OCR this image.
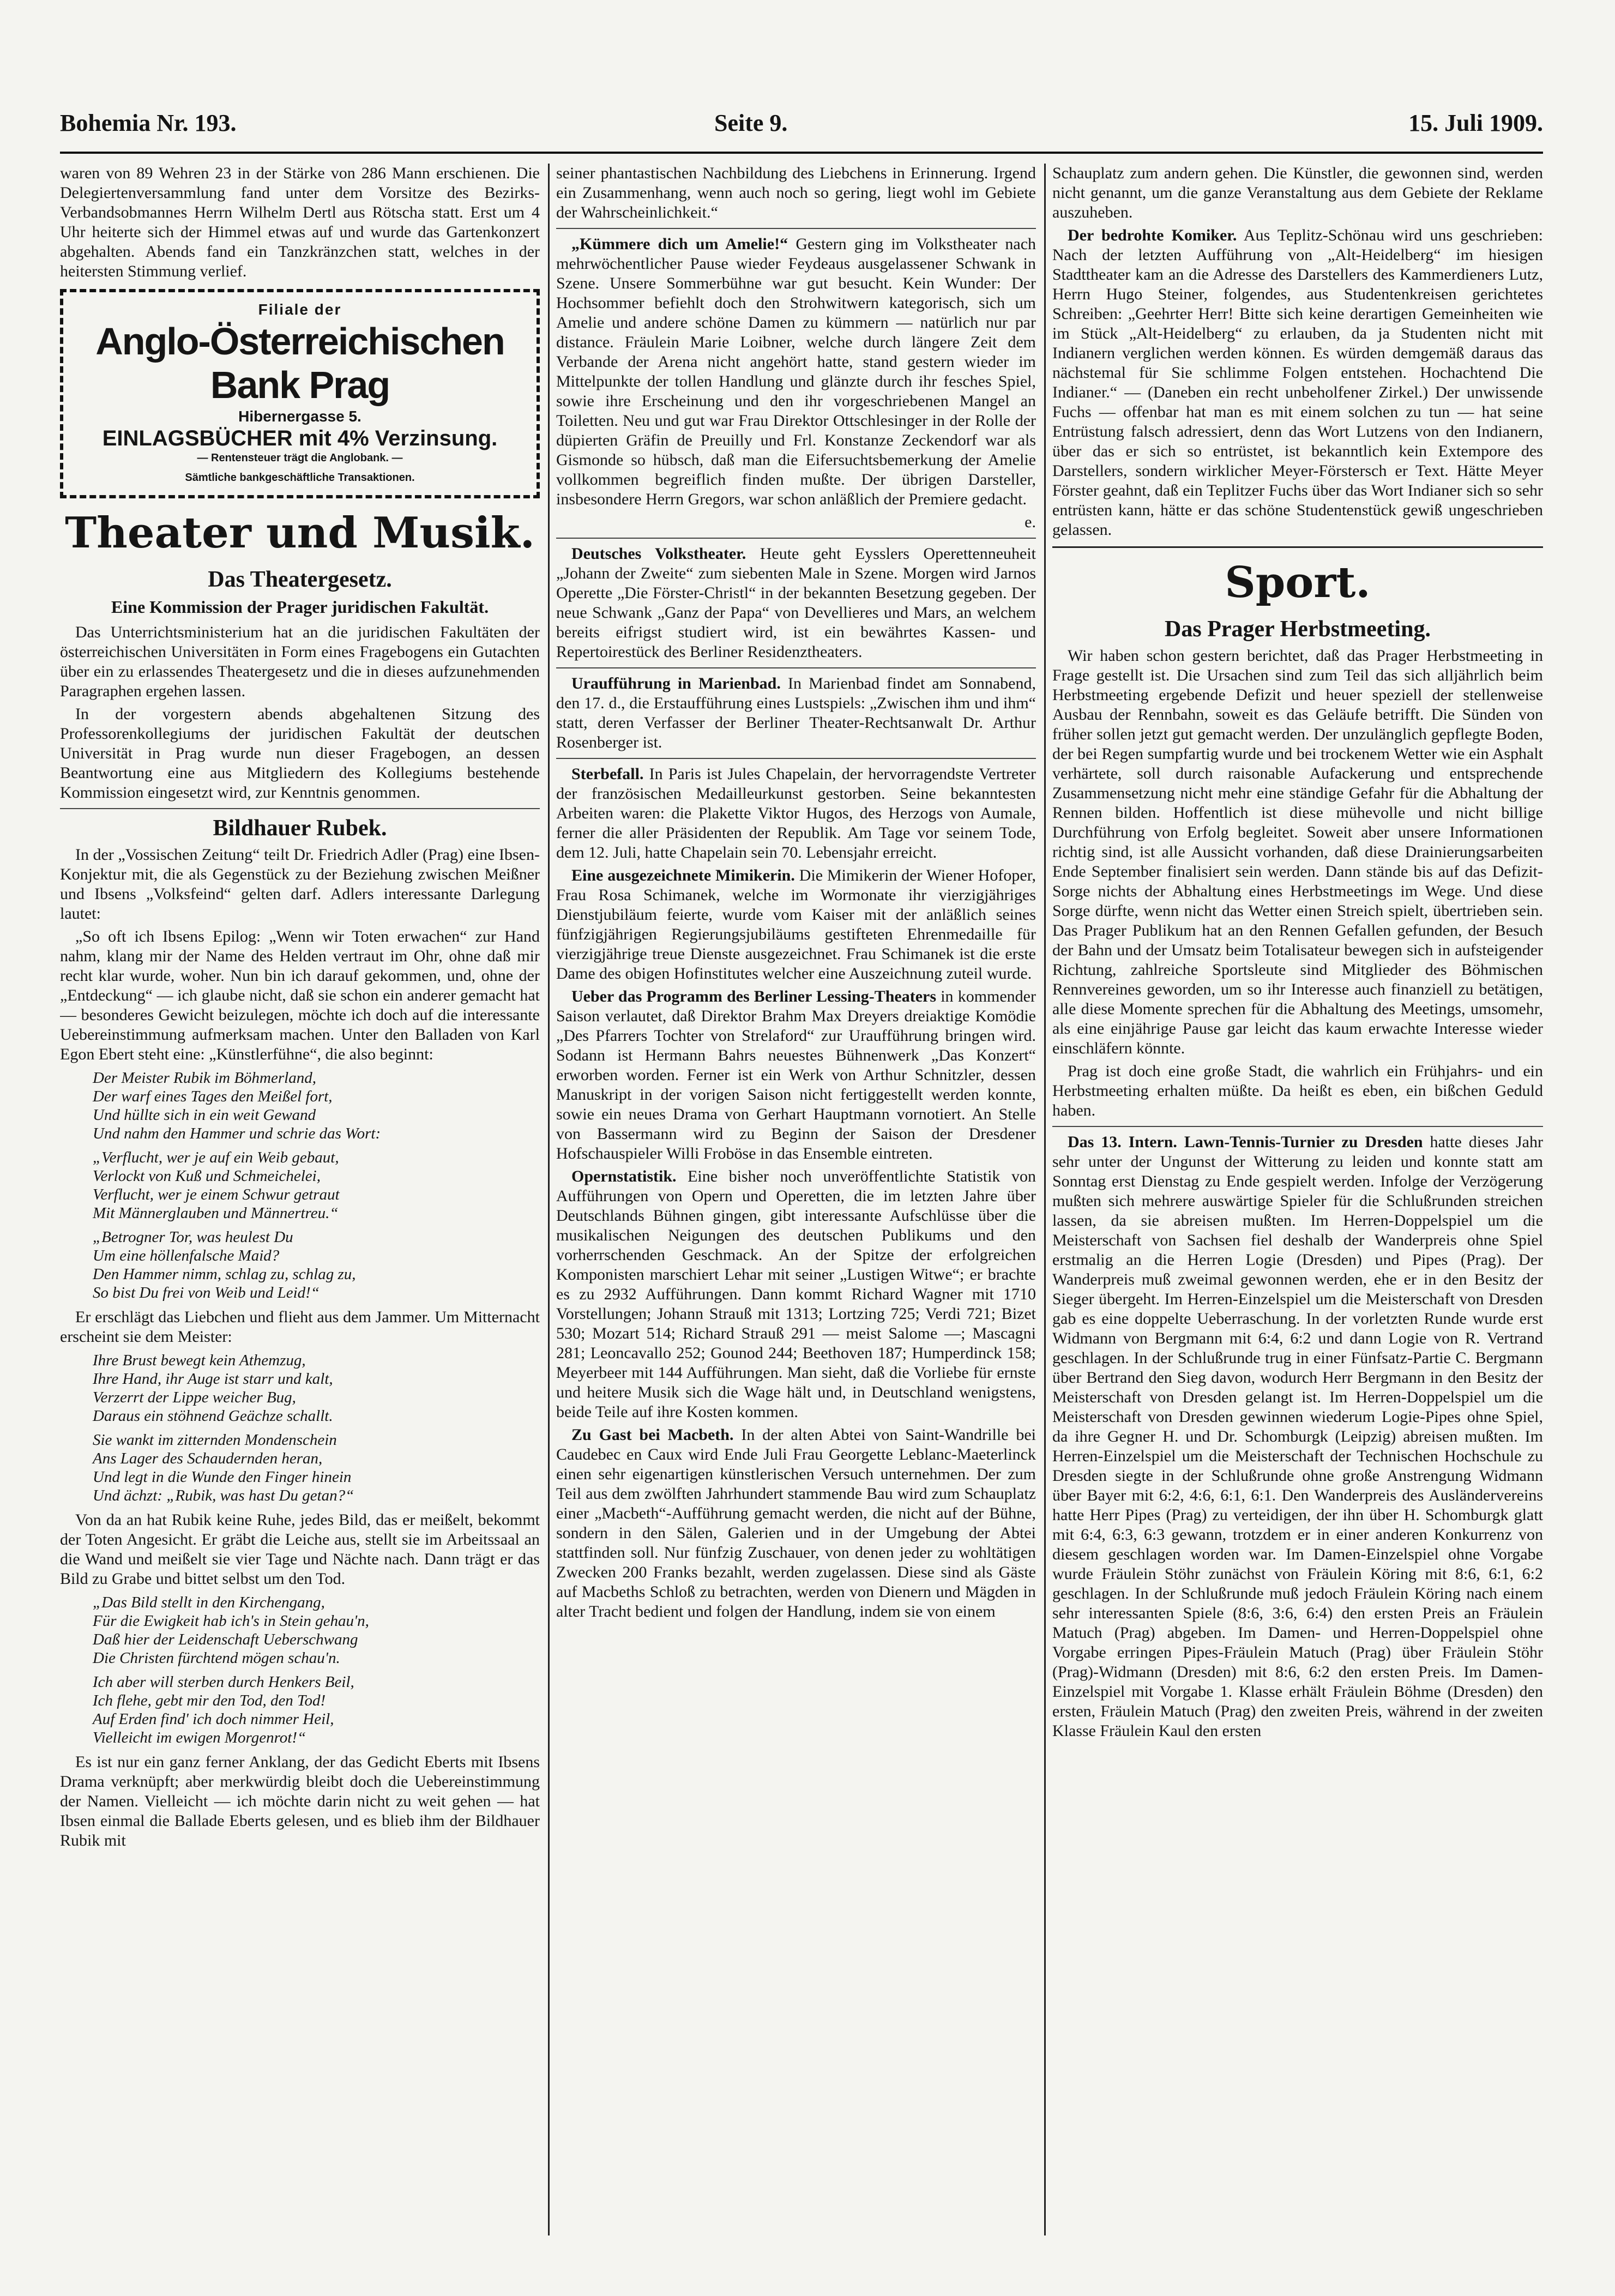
Bohemia Nr. 193.	Seite 9.	15. Juli 1909.

waren von 89 Wehren 23 in der Stärke von 286 Mann erschienen. Die Delegiertenversammlung fand unter dem Vorsitze des Bezirks-Verbandsobmannes Herrn Wilhelm Dertl aus Rötscha statt. Erst um 4 Uhr heiterte sich der Himmel etwas auf und wurde das Gartenkonzert abgehalten. Abends fand ein Tanzkränzchen statt, welches in der heitersten Stimmung verlief.

Filiale der
Anglo-Österreichischen Bank Prag
Hibernergasse 5.
EINLAGSBÜCHER mit 4% Verzinsung.
— Rentensteuer trägt die Anglobank. —
Sämtliche bankgeschäftliche Transaktionen.
Theater und Musik.
Das Theatergesetz.
Eine Kommission der Prager juridischen Fakultät.

Das Unterrichtsministerium hat an die juridischen Fakultäten der österreichischen Universitäten in Form eines Fragebogens ein Gutachten über ein zu erlassendes Theatergesetz und die in dieses aufzunehmenden Paragraphen ergehen lassen.

In der vorgestern abends abgehaltenen Sitzung des Professorenkollegiums der juridischen Fakultät der deutschen Universität in Prag wurde nun dieser Fragebogen, an dessen Beantwortung eine aus Mitgliedern des Kollegiums bestehende Kommission eingesetzt wird, zur Kenntnis genommen.

Bildhauer Rubek.

In der „Vossischen Zeitung“ teilt Dr. Friedrich Adler (Prag) eine Ibsen-Konjektur mit, die als Gegenstück zu der Beziehung zwischen Meißner und Ibsens „Volksfeind“ gelten darf. Adlers interessante Darlegung lautet:

„So oft ich Ibsens Epilog: „Wenn wir Toten erwachen“ zur Hand nahm, klang mir der Name des Helden vertraut im Ohr, ohne daß mir recht klar wurde, woher. Nun bin ich darauf gekommen, und, ohne der „Entdeckung“ — ich glaube nicht, daß sie schon ein anderer gemacht hat — besonderes Gewicht beizulegen, möchte ich doch auf die interessante Uebereinstimmung aufmerksam machen. Unter den Balladen von Karl Egon Ebert steht eine: „Künstlerfühne“, die also beginnt:

Der Meister Rubik im Böhmerland,
Der warf eines Tages den Meißel fort,
Und hüllte sich in ein weit Gewand
Und nahm den Hammer und schrie das Wort:
„Verflucht, wer je auf ein Weib gebaut,
Verlockt von Kuß und Schmeichelei,
Verflucht, wer je einem Schwur getraut
Mit Männerglauben und Männertreu.“
„Betrogner Tor, was heulest Du
Um eine höllenfalsche Maid?
Den Hammer nimm, schlag zu, schlag zu,
So bist Du frei von Weib und Leid!“

Er erschlägt das Liebchen und flieht aus dem Jammer. Um Mitternacht erscheint sie dem Meister:

Ihre Brust bewegt kein Athemzug,
Ihre Hand, ihr Auge ist starr und kalt,
Verzerrt der Lippe weicher Bug,
Daraus ein stöhnend Geächze schallt.
Sie wankt im zitternden Mondenschein
Ans Lager des Schaudernden heran,
Und legt in die Wunde den Finger hinein
Und ächzt: „Rubik, was hast Du getan?“

Von da an hat Rubik keine Ruhe, jedes Bild, das er meißelt, bekommt der Toten Angesicht. Er gräbt die Leiche aus, stellt sie im Arbeitssaal an die Wand und meißelt sie vier Tage und Nächte nach. Dann trägt er das Bild zu Grabe und bittet selbst um den Tod.

„Das Bild stellt in den Kirchengang,
Für die Ewigkeit hab ich's in Stein gehau'n,
Daß hier der Leidenschaft Ueberschwang
Die Christen fürchtend mögen schau'n.
Ich aber will sterben durch Henkers Beil,
Ich flehe, gebt mir den Tod, den Tod!
Auf Erden find' ich doch nimmer Heil,
Vielleicht im ewigen Morgenrot!“

Es ist nur ein ganz ferner Anklang, der das Gedicht Eberts mit Ibsens Drama verknüpft; aber merkwürdig bleibt doch die Uebereinstimmung der Namen. Vielleicht — ich möchte darin nicht zu weit gehen — hat Ibsen einmal die Ballade Eberts gelesen, und es blieb ihm der Bildhauer Rubik mit

seiner phantastischen Nachbildung des Liebchens in Erinnerung. Irgend ein Zusammenhang, wenn auch noch so gering, liegt wohl im Gebiete der Wahrscheinlichkeit.“

„Kümmere dich um Amelie!“ Gestern ging im Volkstheater nach mehrwöchentlicher Pause wieder Feydeaus ausgelassener Schwank in Szene. Unsere Sommerbühne war gut besucht. Kein Wunder: Der Hochsommer befiehlt doch den Strohwitwern kategorisch, sich um Amelie und andere schöne Damen zu kümmern — natürlich nur par distance. Fräulein Marie Loibner, welche durch längere Zeit dem Verbande der Arena nicht angehört hatte, stand gestern wieder im Mittelpunkte der tollen Handlung und glänzte durch ihr fesches Spiel, sowie ihre Erscheinung und den ihr vorgeschriebenen Mangel an Toiletten. Neu und gut war Frau Direktor Ottschlesinger in der Rolle der düpierten Gräfin de Preuilly und Frl. Konstanze Zeckendorf war als Gismonde so hübsch, daß man die Eifersuchtsbemerkung der Amelie vollkommen begreiflich finden mußte. Der übrigen Darsteller, insbesondere Herrn Gregors, war schon anläßlich der Premiere gedacht.

e.

Deutsches Volkstheater. Heute geht Eysslers Operettenneuheit „Johann der Zweite“ zum siebenten Male in Szene. Morgen wird Jarnos Operette „Die Förster-Christl“ in der bekannten Besetzung gegeben. Der neue Schwank „Ganz der Papa“ von Devellieres und Mars, an welchem bereits eifrigst studiert wird, ist ein bewährtes Kassen- und Repertoirestück des Berliner Residenztheaters.

Uraufführung in Marienbad. In Marienbad findet am Sonnabend, den 17. d., die Erstaufführung eines Lustspiels: „Zwischen ihm und ihm“ statt, deren Verfasser der Berliner Theater-Rechtsanwalt Dr. Arthur Rosenberger ist.

Sterbefall. In Paris ist Jules Chapelain, der hervorragendste Vertreter der französischen Medailleurkunst gestorben. Seine bekanntesten Arbeiten waren: die Plakette Viktor Hugos, des Herzogs von Aumale, ferner die aller Präsidenten der Republik. Am Tage vor seinem Tode, dem 12. Juli, hatte Chapelain sein 70. Lebensjahr erreicht.

Eine ausgezeichnete Mimikerin. Die Mimikerin der Wiener Hofoper, Frau Rosa Schimanek, welche im Wormonate ihr vierzigjähriges Dienstjubiläum feierte, wurde vom Kaiser mit der anläßlich seines fünfzigjährigen Regierungsjubiläums gestifteten Ehrenmedaille für vierzigjährige treue Dienste ausgezeichnet. Frau Schimanek ist die erste Dame des obigen Hofinstitutes welcher eine Auszeichnung zuteil wurde.

Ueber das Programm des Berliner Lessing-Theaters in kommender Saison verlautet, daß Direktor Brahm Max Dreyers dreiaktige Komödie „Des Pfarrers Tochter von Strelaford“ zur Uraufführung bringen wird. Sodann ist Hermann Bahrs neuestes Bühnenwerk „Das Konzert“ erworben worden. Ferner ist ein Werk von Arthur Schnitzler, dessen Manuskript in der vorigen Saison nicht fertiggestellt werden konnte, sowie ein neues Drama von Gerhart Hauptmann vornotiert. An Stelle von Bassermann wird zu Beginn der Saison der Dresdener Hofschauspieler Willi Froböse in das Ensemble eintreten.

Opernstatistik. Eine bisher noch unveröffentlichte Statistik von Aufführungen von Opern und Operetten, die im letzten Jahre über Deutschlands Bühnen gingen, gibt interessante Aufschlüsse über die musikalischen Neigungen des deutschen Publikums und den vorherrschenden Geschmack. An der Spitze der erfolgreichen Komponisten marschiert Lehar mit seiner „Lustigen Witwe“; er brachte es zu 2932 Aufführungen. Dann kommt Richard Wagner mit 1710 Vorstellungen; Johann Strauß mit 1313; Lortzing 725; Verdi 721; Bizet 530; Mozart 514; Richard Strauß 291 — meist Salome —; Mascagni 281; Leoncavallo 252; Gounod 244; Beethoven 187; Humperdinck 158; Meyerbeer mit 144 Aufführungen. Man sieht, daß die Vorliebe für ernste und heitere Musik sich die Wage hält und, in Deutschland wenigstens, beide Teile auf ihre Kosten kommen.

Zu Gast bei Macbeth. In der alten Abtei von Saint-Wandrille bei Caudebec en Caux wird Ende Juli Frau Georgette Leblanc-Maeterlinck einen sehr eigenartigen künstlerischen Versuch unternehmen. Der zum Teil aus dem zwölften Jahrhundert stammende Bau wird zum Schauplatz einer „Macbeth“-Aufführung gemacht werden, die nicht auf der Bühne, sondern in den Sälen, Galerien und in der Umgebung der Abtei stattfinden soll. Nur fünfzig Zuschauer, von denen jeder zu wohltätigen Zwecken 200 Franks bezahlt, werden zugelassen. Diese sind als Gäste auf Macbeths Schloß zu betrachten, werden von Dienern und Mägden in alter Tracht bedient und folgen der Handlung, indem sie von einem

Schauplatz zum andern gehen. Die Künstler, die gewonnen sind, werden nicht genannt, um die ganze Veranstaltung aus dem Gebiete der Reklame auszuheben.

Der bedrohte Komiker. Aus Teplitz-Schönau wird uns geschrieben: Nach der letzten Aufführung von „Alt-Heidelberg“ im hiesigen Stadttheater kam an die Adresse des Darstellers des Kammerdieners Lutz, Herrn Hugo Steiner, folgendes, aus Studentenkreisen gerichtetes Schreiben: „Geehrter Herr! Bitte sich keine derartigen Gemeinheiten wie im Stück „Alt-Heidelberg“ zu erlauben, da ja Studenten nicht mit Indianern verglichen werden können. Es würden demgemäß daraus das nächstemal für Sie schlimme Folgen entstehen. Hochachtend Die Indianer.“ — (Daneben ein recht unbeholfener Zirkel.) Der unwissende Fuchs — offenbar hat man es mit einem solchen zu tun — hat seine Entrüstung falsch adressiert, denn das Wort Lutzens von den Indianern, über das er sich so entrüstet, ist bekanntlich kein Extempore des Darstellers, sondern wirklicher Meyer-Förstersch er Text. Hätte Meyer Förster geahnt, daß ein Teplitzer Fuchs über das Wort Indianer sich so sehr entrüsten kann, hätte er das schöne Studentenstück gewiß ungeschrieben gelassen.

Sport.
Das Prager Herbstmeeting.

Wir haben schon gestern berichtet, daß das Prager Herbstmeeting in Frage gestellt ist. Die Ursachen sind zum Teil das sich alljährlich beim Herbstmeeting ergebende Defizit und heuer speziell der stellenweise Ausbau der Rennbahn, soweit es das Geläufe betrifft. Die Sünden von früher sollen jetzt gut gemacht werden. Der unzulänglich gepflegte Boden, der bei Regen sumpfartig wurde und bei trockenem Wetter wie ein Asphalt verhärtete, soll durch raisonable Aufackerung und entsprechende Zusammensetzung nicht mehr eine ständige Gefahr für die Abhaltung der Rennen bilden. Hoffentlich ist diese mühevolle und nicht billige Durchführung von Erfolg begleitet. Soweit aber unsere Informationen richtig sind, ist alle Aussicht vorhanden, daß diese Drainierungsarbeiten Ende September finalisiert sein werden. Dann stände bis auf das Defizit-Sorge nichts der Abhaltung eines Herbstmeetings im Wege. Und diese Sorge dürfte, wenn nicht das Wetter einen Streich spielt, übertrieben sein. Das Prager Publikum hat an den Rennen Gefallen gefunden, der Besuch der Bahn und der Umsatz beim Totalisateur bewegen sich in aufsteigender Richtung, zahlreiche Sportsleute sind Mitglieder des Böhmischen Rennvereines geworden, um so ihr Interesse auch finanziell zu betätigen, alle diese Momente sprechen für die Abhaltung des Meetings, umsomehr, als eine einjährige Pause gar leicht das kaum erwachte Interesse wieder einschläfern könnte.

Prag ist doch eine große Stadt, die wahrlich ein Frühjahrs- und ein Herbstmeeting erhalten müßte. Da heißt es eben, ein bißchen Geduld haben.

Das 13. Intern. Lawn-Tennis-Turnier zu Dresden hatte dieses Jahr sehr unter der Ungunst der Witterung zu leiden und konnte statt am Sonntag erst Dienstag zu Ende gespielt werden. Infolge der Verzögerung mußten sich mehrere auswärtige Spieler für die Schlußrunden streichen lassen, da sie abreisen mußten. Im Herren-Doppelspiel um die Meisterschaft von Sachsen fiel deshalb der Wanderpreis ohne Spiel erstmalig an die Herren Logie (Dresden) und Pipes (Prag). Der Wanderpreis muß zweimal gewonnen werden, ehe er in den Besitz der Sieger übergeht. Im Herren-Einzelspiel um die Meisterschaft von Dresden gab es eine doppelte Ueberraschung. In der vorletzten Runde wurde erst Widmann von Bergmann mit 6:4, 6:2 und dann Logie von R. Vertrand geschlagen. In der Schlußrunde trug in einer Fünfsatz-Partie C. Bergmann über Bertrand den Sieg davon, wodurch Herr Bergmann in den Besitz der Meisterschaft von Dresden gelangt ist. Im Herren-Doppelspiel um die Meisterschaft von Dresden gewinnen wiederum Logie-Pipes ohne Spiel, da ihre Gegner H. und Dr. Schomburgk (Leipzig) abreisen mußten. Im Herren-Einzelspiel um die Meisterschaft der Technischen Hochschule zu Dresden siegte in der Schlußrunde ohne große Anstrengung Widmann über Bayer mit 6:2, 4:6, 6:1, 6:1. Den Wanderpreis des Ausländervereins hatte Herr Pipes (Prag) zu verteidigen, der ihn über H. Schomburgk glatt mit 6:4, 6:3, 6:3 gewann, trotzdem er in einer anderen Konkurrenz von diesem geschlagen worden war. Im Damen-Einzelspiel ohne Vorgabe wurde Fräulein Stöhr zunächst von Fräulein Köring mit 8:6, 6:1, 6:2 geschlagen. In der Schlußrunde muß jedoch Fräulein Köring nach einem sehr interessanten Spiele (8:6, 3:6, 6:4) den ersten Preis an Fräulein Matuch (Prag) abgeben. Im Damen- und Herren-Doppelspiel ohne Vorgabe erringen Pipes-Fräulein Matuch (Prag) über Fräulein Stöhr (Prag)-Widmann (Dresden) mit 8:6, 6:2 den ersten Preis. Im Damen-Einzelspiel mit Vorgabe 1. Klasse erhält Fräulein Böhme (Dresden) den ersten, Fräulein Matuch (Prag) den zweiten Preis, während in der zweiten Klasse Fräulein Kaul den ersten
